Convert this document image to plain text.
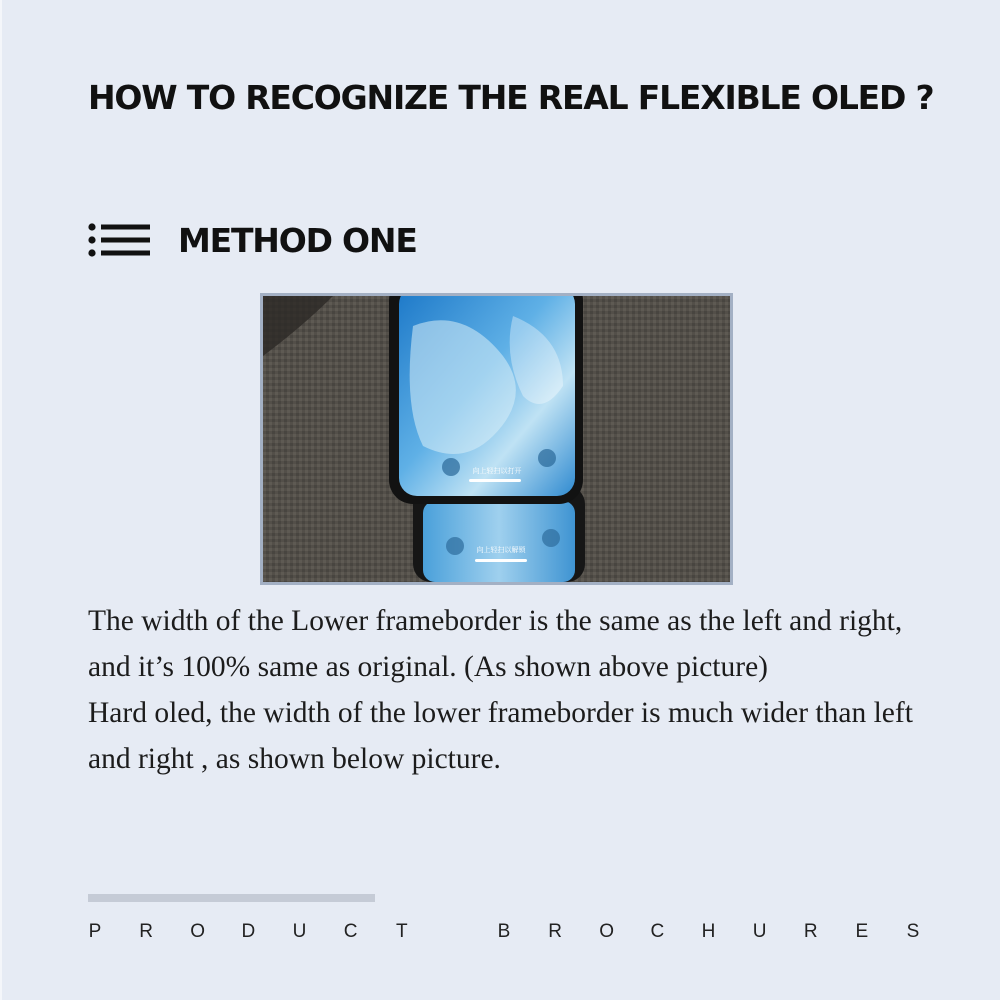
HOW TO RECOGNIZE THE REAL FLEXIBLE OLED ?
METHOD ONE
向上轻扫以解锁
向上轻扫以打开

The width of the Lower frameborder is the same as the left and right, and it’s 100% same as original. (As shown above picture)

Hard oled, the width of the lower frameborder is much wider than left and right , as shown below picture.

P R O D U C T	B R O C H U R E S
